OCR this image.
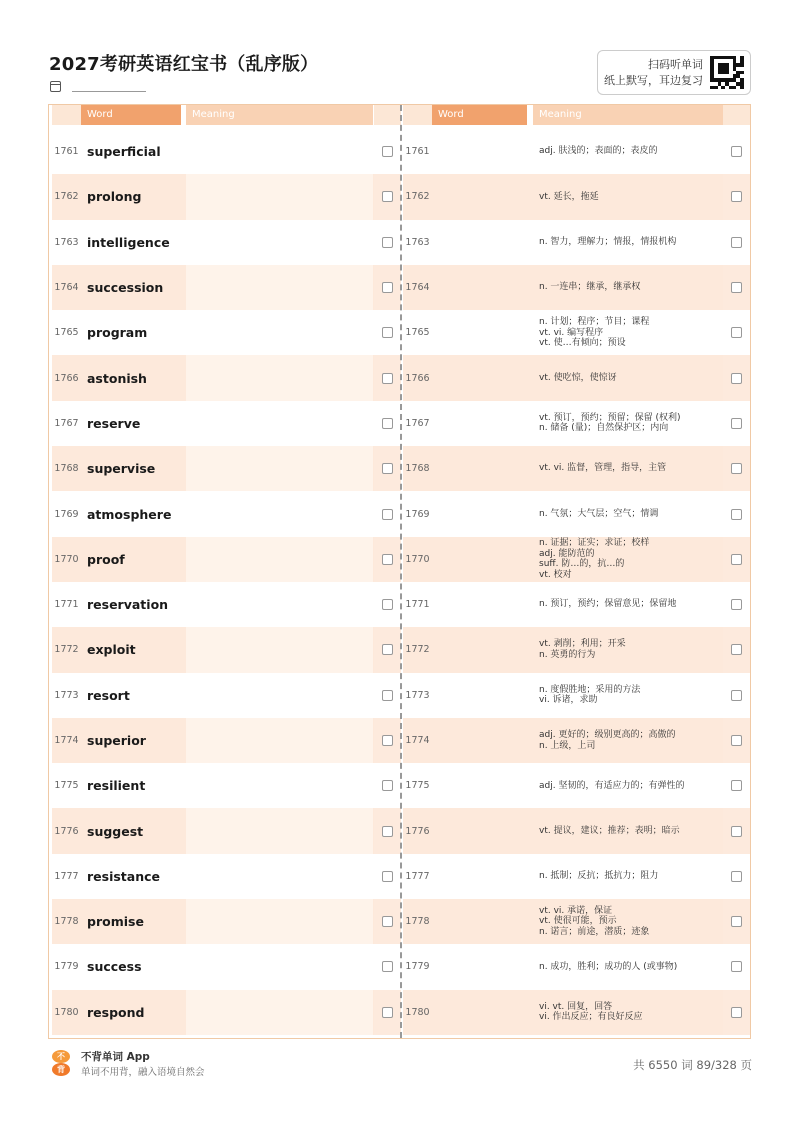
2027考研英语红宝书（乱序版）	扫码听单词
纸上默写，耳边复习
Word	Meaning
1761 superficial
1762 prolong
1763 intelligence
1764 succession
1765 program
1766 astonish
1767 reserve
1768 supervise
1769 atmosphere
1770 proof
1771 reservation
1772 exploit
1773 resort
1774 superior
1775 resilient
1776 suggest
1777 resistance
1778 promise
1779 success
1780 respond
Word	Meaning
1761	adj. 肤浅的；表面的；表皮的
1762	vt. 延长，拖延
1763	n. 智力，理解力；情报，情报机构
1764	n. 一连串；继承，继承权
1765
n. 计划；程序；节目；课程
vt. vi. 编写程序
vt. 使…有倾向；预设
1766	vt. 使吃惊，使惊讶
1767	vt. 预订，预约；预留；保留 (权利)
n. 储备 (量)；自然保护区；内向
1768	vt. vi. 监督，管理，指导，主管
1769	n. 气氛；大气层；空气；情调
1770
n. 证据；证实；求证；校样
adj. 能防范的
suff. 防…的，抗…的
vt. 校对
1771	n. 预订，预约；保留意见；保留地
1772	vt. 剥削；利用；开采
n. 英勇的行为
1773	n. 度假胜地；采用的方法
vi. 诉诸，求助
1774	adj. 更好的；级别更高的；高傲的
n. 上级，上司
1775	adj. 坚韧的，有适应力的；有弹性的
1776	vt. 提议，建议；推荐；表明；暗示
1777	n. 抵制；反抗；抵抗力；阻力
1778
vt. vi. 承诺，保证
vt. 使很可能，预示
n. 诺言；前途，潜质；迹象
1779	n. 成功，胜利；成功的人 (或事物)
1780	vi. vt. 回复，回答
vi. 作出反应；有良好反应
不
背
不背单词 App
单词不用背，融入语境自然会
共 6550 词 89/328 页
